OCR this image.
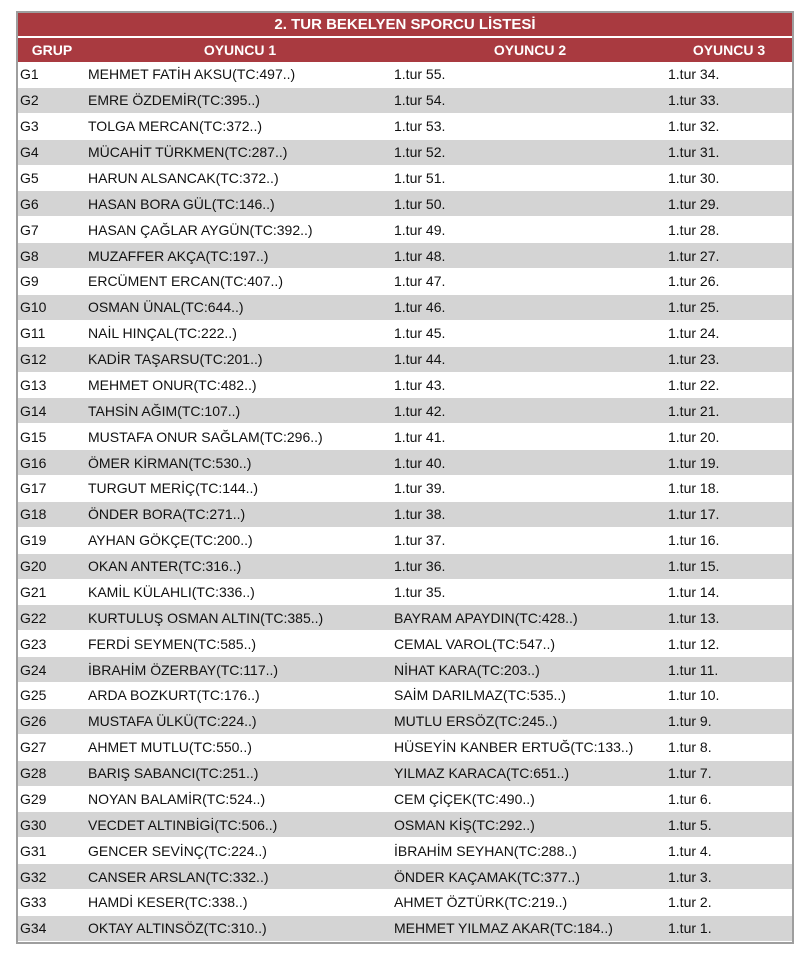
2. TUR BEKELYEN SPORCU LİSTESİ
GRUP	OYUNCU 1	OYUNCU 2	OYUNCU 3
G1	MEHMET FATİH AKSU(TC:497..)	1.tur 55.	1.tur 34.
G2	EMRE ÖZDEMİR(TC:395..)	1.tur 54.	1.tur 33.
G3	TOLGA MERCAN(TC:372..)	1.tur 53.	1.tur 32.
G4	MÜCAHİT TÜRKMEN(TC:287..)	1.tur 52.	1.tur 31.
G5	HARUN ALSANCAK(TC:372..)	1.tur 51.	1.tur 30.
G6	HASAN BORA GÜL(TC:146..)	1.tur 50.	1.tur 29.
G7	HASAN ÇAĞLAR AYGÜN(TC:392..)	1.tur 49.	1.tur 28.
G8	MUZAFFER AKÇA(TC:197..)	1.tur 48.	1.tur 27.
G9	ERCÜMENT ERCAN(TC:407..)	1.tur 47.	1.tur 26.
G10	OSMAN ÜNAL(TC:644..)	1.tur 46.	1.tur 25.
G11	NAİL HINÇAL(TC:222..)	1.tur 45.	1.tur 24.
G12	KADİR TAŞARSU(TC:201..)	1.tur 44.	1.tur 23.
G13	MEHMET ONUR(TC:482..)	1.tur 43.	1.tur 22.
G14	TAHSİN AĞIM(TC:107..)	1.tur 42.	1.tur 21.
G15	MUSTAFA ONUR SAĞLAM(TC:296..)	1.tur 41.	1.tur 20.
G16	ÖMER KİRMAN(TC:530..)	1.tur 40.	1.tur 19.
G17	TURGUT MERİÇ(TC:144..)	1.tur 39.	1.tur 18.
G18	ÖNDER BORA(TC:271..)	1.tur 38.	1.tur 17.
G19	AYHAN GÖKÇE(TC:200..)	1.tur 37.	1.tur 16.
G20	OKAN ANTER(TC:316..)	1.tur 36.	1.tur 15.
G21	KAMİL KÜLAHLI(TC:336..)	1.tur 35.	1.tur 14.
G22	KURTULUŞ OSMAN ALTIN(TC:385..)	BAYRAM APAYDIN(TC:428..)	1.tur 13.
G23	FERDİ SEYMEN(TC:585..)	CEMAL VAROL(TC:547..)	1.tur 12.
G24	İBRAHİM ÖZERBAY(TC:117..)	NİHAT KARA(TC:203..)	1.tur 11.
G25	ARDA BOZKURT(TC:176..)	SAİM DARILMAZ(TC:535..)	1.tur 10.
G26	MUSTAFA ÜLKÜ(TC:224..)	MUTLU ERSÖZ(TC:245..)	1.tur 9.
G27	AHMET MUTLU(TC:550..)	HÜSEYİN KANBER ERTUĞ(TC:133..)	1.tur 8.
G28	BARIŞ SABANCI(TC:251..)	YILMAZ KARACA(TC:651..)	1.tur 7.
G29	NOYAN BALAMİR(TC:524..)	CEM ÇİÇEK(TC:490..)	1.tur 6.
G30	VECDET ALTINBİGİ(TC:506..)	OSMAN KİŞ(TC:292..)	1.tur 5.
G31	GENCER SEVİNÇ(TC:224..)	İBRAHİM SEYHAN(TC:288..)	1.tur 4.
G32	CANSER ARSLAN(TC:332..)	ÖNDER KAÇAMAK(TC:377..)	1.tur 3.
G33	HAMDİ KESER(TC:338..)	AHMET ÖZTÜRK(TC:219..)	1.tur 2.
G34	OKTAY ALTINSÖZ(TC:310..)	MEHMET YILMAZ AKAR(TC:184..)	1.tur 1.
